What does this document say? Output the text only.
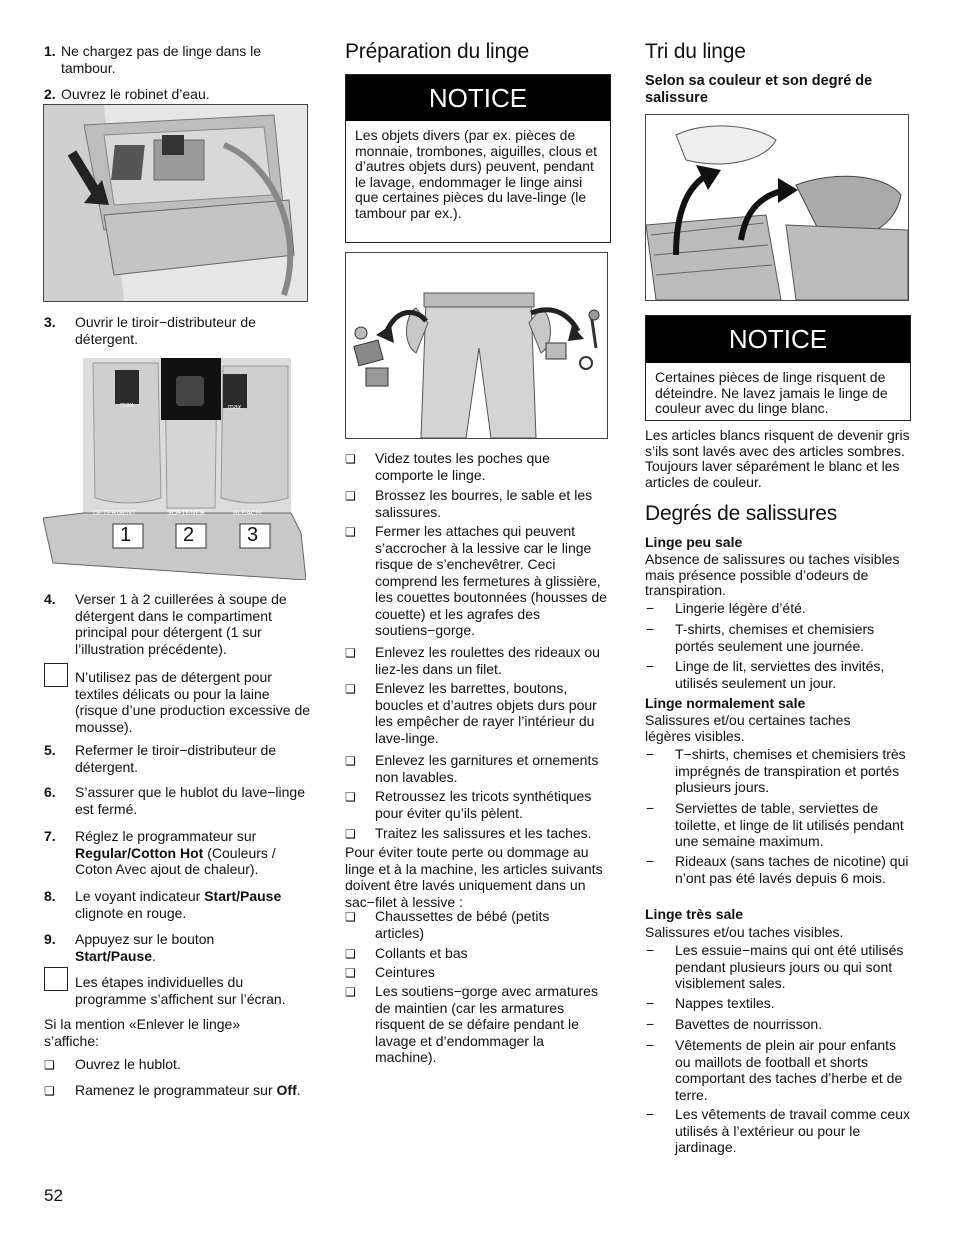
1. Ne chargez pas de linge dans le tambour.
2. Ouvrez le robinet d’eau.
3. Ouvrir le tiroir−distributeur de détergent.
DETERGENT	SOFTENER	BLEACH
max	max
1	2	3
4. Verser 1 à 2 cuillerées à soupe de détergent dans le compartiment principal pour détergent (1 sur l’illustration précédente).
N’utilisez pas de détergent pour textiles délicats ou pour la laine (risque d’une production excessive de mousse).
5. Refermer le tiroir−distributeur de détergent.
6. S’assurer que le hublot du lave−linge est fermé.
7. Réglez le programmateur sur Regular/Cotton Hot (Couleurs / Coton Avec ajout de chaleur).
8. Le voyant indicateur Start/Pause clignote en rouge.
9. Appuyez sur le bouton
Start/Pause.
Les étapes individuelles du programme s’affichent sur l’écran.
Si la mention «Enlever le linge» s’affiche:
❑ Ouvrez le hublot.
❑ Ramenez le programmateur sur Off.
Préparation du linge
NOTICE
Les objets divers (par ex. pièces de monnaie, trombones, aiguilles, clous et d’autres objets durs) peuvent, pendant le lavage, endommager le linge ainsi que certaines pièces du lave-linge (le tambour par ex.).
❑ Videz toutes les poches que comporte le linge.
❑ Brossez les bourres, le sable et les salissures.
❑ Fermer les attaches qui peuvent s’accrocher à la lessive car le linge risque de s’enchevêtrer. Ceci comprend les fermetures à glissière, les couettes boutonnées (housses de couette) et les agrafes des soutiens−gorge.
❑ Enlevez les roulettes des rideaux ou liez-les dans un filet.
❑ Enlevez les barrettes, boutons, boucles et d’autres objets durs pour les empêcher de rayer l’intérieur du lave-linge.
❑ Enlevez les garnitures et ornements non lavables.
❑ Retroussez les tricots synthétiques pour éviter qu’ils pèlent.
❑ Traitez les salissures et les taches.
Pour éviter toute perte ou dommage au linge et à la machine, les articles suivants doivent être lavés uniquement dans un sac−filet à lessive :
❑ Chaussettes de bébé (petits articles)
❑ Collants et bas
❑ Ceintures
❑ Les soutiens−gorge avec armatures de maintien (car les armatures risquent de se défaire pendant le lavage et d’endommager la machine).
Tri du linge
Selon sa couleur et son degré de salissure
NOTICE
Certaines pièces de linge risquent de déteindre. Ne lavez jamais le linge de couleur avec du linge blanc.
Les articles blancs risquent de devenir gris s’ils sont lavés avec des articles sombres. Toujours laver séparément le blanc et les articles de couleur.
Degrés de salissures
Linge peu sale
Absence de salissures ou taches visibles mais présence possible d’odeurs de transpiration.
− Lingerie légère d’été.
− T-shirts, chemises et chemisiers portés seulement une journée.
− Linge de lit, serviettes des invités, utilisés seulement un jour.
Linge normalement sale
Salissures et/ou certaines taches légères visibles.
− T−shirts, chemises et chemisiers très imprégnés de transpiration et portés plusieurs jours.
− Serviettes de table, serviettes de toilette, et linge de lit utilisés pendant une semaine maximum.
− Rideaux (sans taches de nicotine) qui n’ont pas été lavés depuis 6 mois.
Linge très sale
Salissures et/ou taches visibles.
− Les essuie−mains qui ont été utilisés pendant plusieurs jours ou qui sont visiblement sales.
− Nappes textiles.
− Bavettes de nourrisson.
− Vêtements de plein air pour enfants ou maillots de football et shorts comportant des taches d’herbe et de terre.
− Les vêtements de travail comme ceux utilisés à l’extérieur ou pour le jardinage.
52
